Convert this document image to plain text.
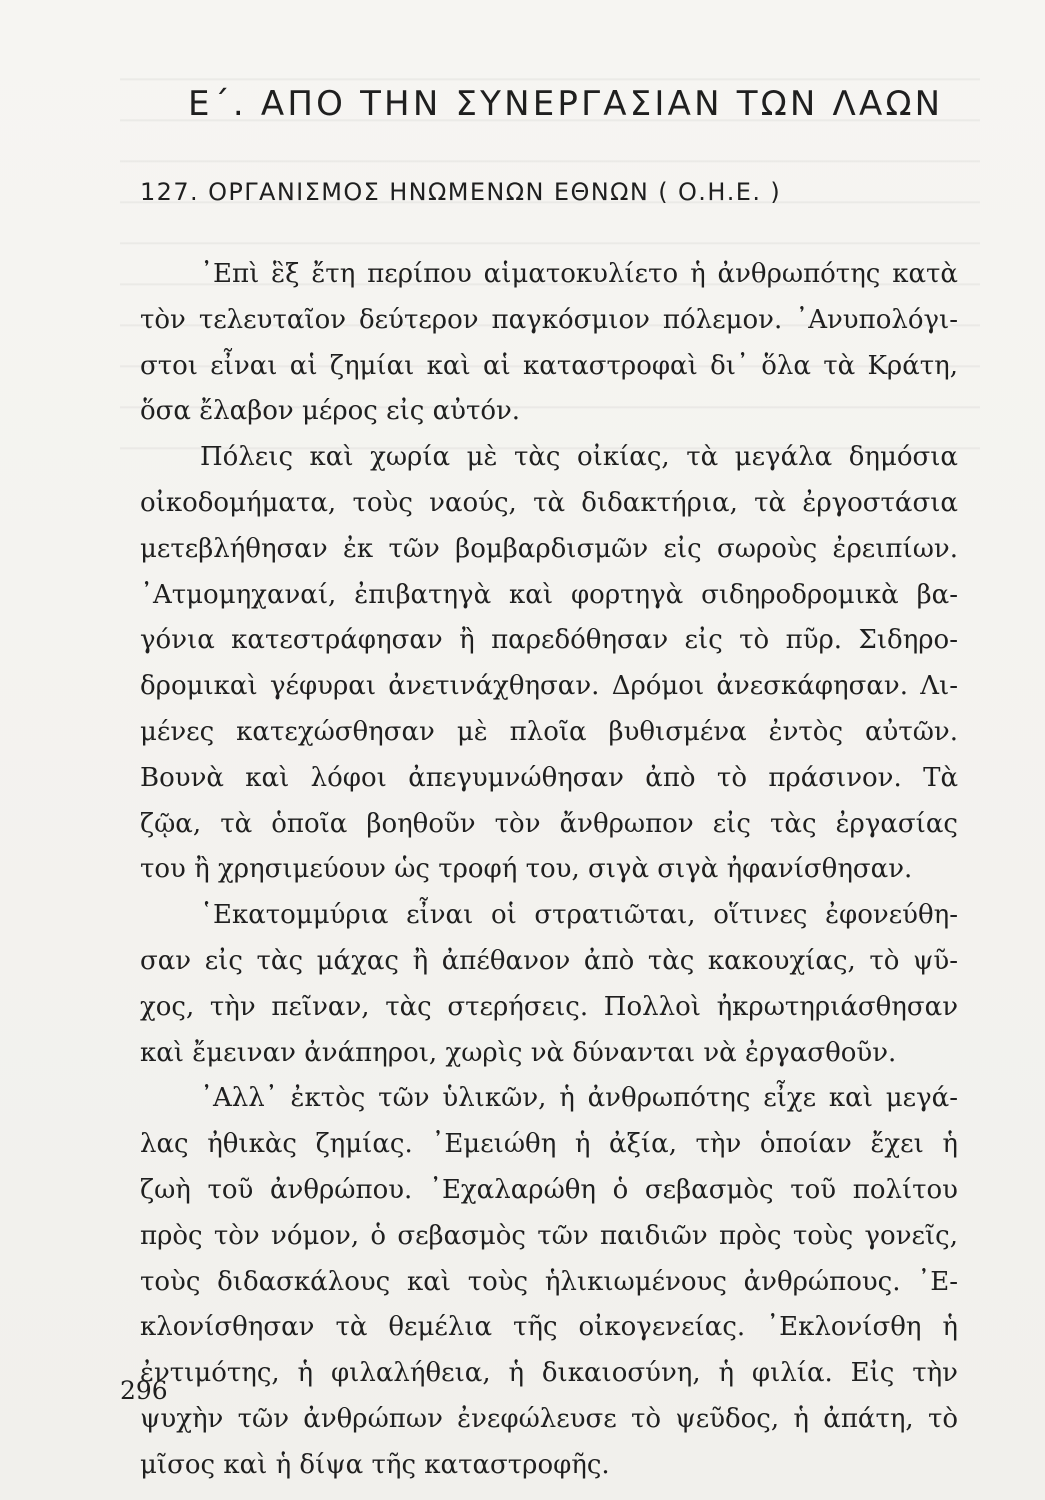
Ε΄. ΑΠΟ ΤΗΝ ΣΥΝΕΡΓΑΣΙΑΝ ΤΩΝ ΛΑΩΝ
127. ΟΡΓΑΝΙΣΜΟΣ ΗΝΩΜΕΝΩΝ ΕΘΝΩΝ ( Ο.Η.Ε. )
᾿Επὶ ἓξ ἔτη περίπου αἱματοκυλίετο ἡ ἀνθρωπότης κατὰ
τὸν τελευταῖον δεύτερον παγκόσμιον πόλεμον. ᾿Ανυπολόγι-
στοι εἶναι αἱ ζημίαι καὶ αἱ καταστροφαὶ δι᾿ ὅλα τὰ Κράτη,
ὅσα ἔλαβον μέρος εἰς αὐτόν.
Πόλεις καὶ χωρία μὲ τὰς οἰκίας, τὰ μεγάλα δημόσια
οἰκοδομήματα, τοὺς ναούς, τὰ διδακτήρια, τὰ ἐργοστάσια
μετεβλήθησαν ἐκ τῶν βομβαρδισμῶν εἰς σωροὺς ἐρειπίων.
᾿Ατμομηχαναί, ἐπιβατηγὰ καὶ φορτηγὰ σιδηροδρομικὰ βα-
γόνια κατεστράφησαν ἢ παρεδόθησαν εἰς τὸ πῦρ. Σιδηρο-
δρομικαὶ γέφυραι ἀνετινάχθησαν. Δρόμοι ἀνεσκάφησαν. Λι-
μένες κατεχώσθησαν μὲ πλοῖα βυθισμένα ἐντὸς αὐτῶν.
Βουνὰ καὶ λόφοι ἀπεγυμνώθησαν ἀπὸ τὸ πράσινον. Τὰ
ζῷα, τὰ ὁποῖα βοηθοῦν τὸν ἄνθρωπον εἰς τὰς ἐργασίας
του ἢ χρησιμεύουν ὡς τροφή του, σιγὰ σιγὰ ἠφανίσθησαν.
῾Εκατομμύρια εἶναι οἱ στρατιῶται, οἵτινες ἐφονεύθη-
σαν εἰς τὰς μάχας ἢ ἀπέθανον ἀπὸ τὰς κακουχίας, τὸ ψῦ-
χος, τὴν πεῖναν, τὰς στερήσεις. Πολλοὶ ἠκρωτηριάσθησαν
καὶ ἔμειναν ἀνάπηροι, χωρὶς νὰ δύνανται νὰ ἐργασθοῦν.
᾿Αλλ᾿ ἐκτὸς τῶν ὑλικῶν, ἡ ἀνθρωπότης εἶχε καὶ μεγά-
λας ἠθικὰς ζημίας. ᾿Εμειώθη ἡ ἀξία, τὴν ὁποίαν ἔχει ἡ
ζωὴ τοῦ ἀνθρώπου. ᾿Εχαλαρώθη ὁ σεβασμὸς τοῦ πολίτου
πρὸς τὸν νόμον, ὁ σεβασμὸς τῶν παιδιῶν πρὸς τοὺς γονεῖς,
τοὺς διδασκάλους καὶ τοὺς ἡλικιωμένους ἀνθρώπους. ᾿Ε-
κλονίσθησαν τὰ θεμέλια τῆς οἰκογενείας. ᾿Εκλονίσθη ἡ
ἐντιμότης, ἡ φιλαλήθεια, ἡ δικαιοσύνη, ἡ φιλία. Εἰς τὴν
ψυχὴν τῶν ἀνθρώπων ἐνεφώλευσε τὸ ψεῦδος, ἡ ἀπάτη, τὸ
μῖσος καὶ ἡ δίψα τῆς καταστροφῆς.
296
